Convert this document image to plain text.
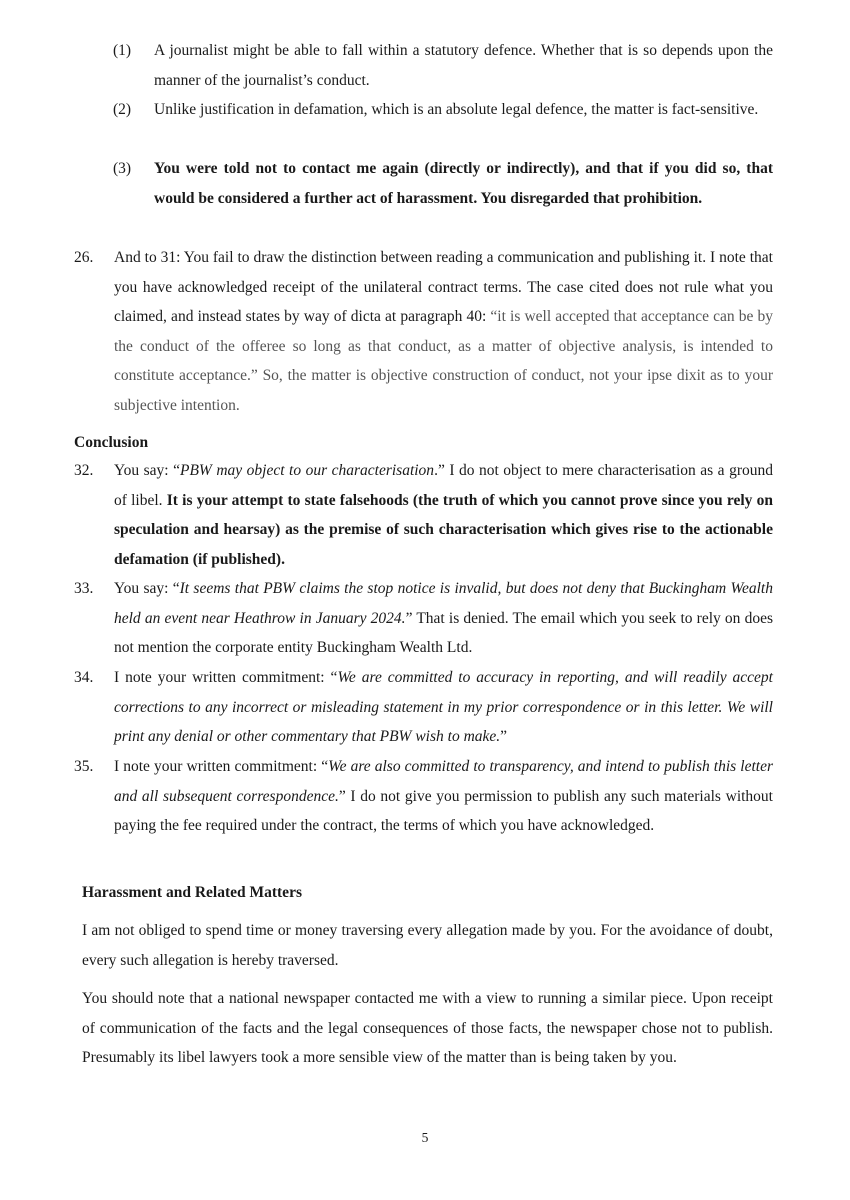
(1) A journalist might be able to fall within a statutory defence. Whether that is so depends upon the manner of the journalist’s conduct.
(2) Unlike justification in defamation, which is an absolute legal defence, the matter is fact-sensitive.
(3) You were told not to contact me again (directly or indirectly), and that if you did so, that would be considered a further act of harassment. You disregarded that prohibition.
26. And to 31: You fail to draw the distinction between reading a communication and publishing it. I note that you have acknowledged receipt of the unilateral contract terms. The case cited does not rule what you claimed, and instead states by way of dicta at paragraph 40: “it is well accepted that acceptance can be by the conduct of the offeree so long as that conduct, as a matter of objective analysis, is intended to constitute acceptance.” So, the matter is objective construction of conduct, not your ipse dixit as to your subjective intention.
Conclusion
32. You say: “PBW may object to our characterisation.” I do not object to mere characterisation as a ground of libel. It is your attempt to state falsehoods (the truth of which you cannot prove since you rely on speculation and hearsay) as the premise of such characterisation which gives rise to the actionable defamation (if published).
33. You say: “It seems that PBW claims the stop notice is invalid, but does not deny that Buckingham Wealth held an event near Heathrow in January 2024.” That is denied. The email which you seek to rely on does not mention the corporate entity Buckingham Wealth Ltd.
34. I note your written commitment: “We are committed to accuracy in reporting, and will readily accept corrections to any incorrect or misleading statement in my prior correspondence or in this letter. We will print any denial or other commentary that PBW wish to make.”
35. I note your written commitment: “We are also committed to transparency, and intend to publish this letter and all subsequent correspondence.” I do not give you permission to publish any such materials without paying the fee required under the contract, the terms of which you have acknowledged.
Harassment and Related Matters
I am not obliged to spend time or money traversing every allegation made by you. For the avoidance of doubt, every such allegation is hereby traversed.
You should note that a national newspaper contacted me with a view to running a similar piece. Upon receipt of communication of the facts and the legal consequences of those facts, the newspaper chose not to publish. Presumably its libel lawyers took a more sensible view of the matter than is being taken by you.
5
